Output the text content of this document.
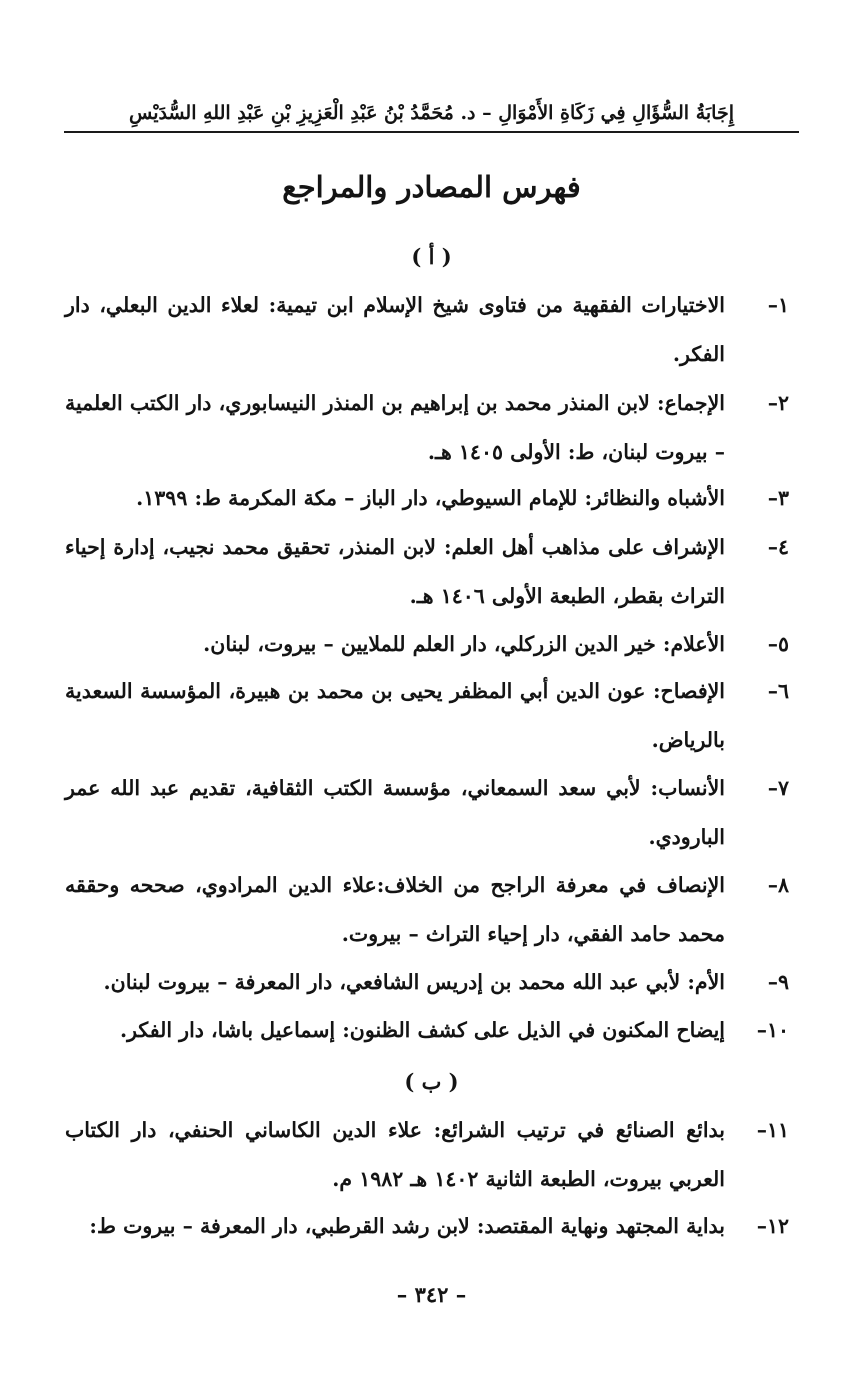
إِجَابَةُ السُّؤَالِ فِي زَكَاةِ الأَمْوَالِ – د. مُحَمَّدُ بْنُ عَبْدِ الْعَزِيزِ بْنِ عَبْدِ اللهِ السُّدَيْسِ
فهرس المصادر والمراجع
( أ )
١–
الاختيارات الفقهية من فتاوى شيخ الإسلام ابن تيمية: لعلاء الدين البعلي، دار الفكر.
٢–
الإجماع: لابن المنذر محمد بن إبراهيم بن المنذر النيسابوري، دار الكتب العلمية – بيروت لبنان، ط: الأولى ١٤٠٥ هـ.
٣–
الأشباه والنظائر: للإمام السيوطي، دار الباز – مكة المكرمة ط: ١٣٩٩.
٤–
الإشراف على مذاهب أهل العلم: لابن المنذر، تحقيق محمد نجيب، إدارة إحياء التراث بقطر، الطبعة الأولى ١٤٠٦ هـ.
٥–
الأعلام: خير الدين الزركلي، دار العلم للملايين – بيروت، لبنان.
٦–
الإفصاح: عون الدين أبي المظفر يحيى بن محمد بن هبيرة، المؤسسة السعدية بالرياض.
٧–
الأنساب: لأبي سعد السمعاني، مؤسسة الكتب الثقافية، تقديم عبد الله عمر البارودي.
٨–
الإنصاف في معرفة الراجح من الخلاف:علاء الدين المرادوي، صححه وحققه محمد حامد الفقي، دار إحياء التراث – بيروت.
٩–
الأم: لأبي عبد الله محمد بن إدريس الشافعي، دار المعرفة – بيروت لبنان.
١٠–
إيضاح المكنون في الذيل على كشف الظنون: إسماعيل باشا، دار الفكر.
( ب )
١١–
بدائع الصنائع في ترتيب الشرائع: علاء الدين الكاساني الحنفي، دار الكتاب العربي بيروت، الطبعة الثانية ١٤٠٢ هـ ١٩٨٢ م.
١٢–
بداية المجتهد ونهاية المقتصد: لابن رشد القرطبي، دار المعرفة – بيروت ط:
– ٣٤٢ –
